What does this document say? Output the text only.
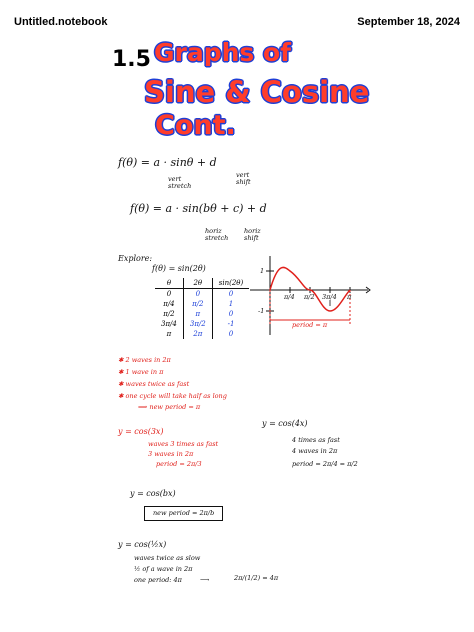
Untitled.notebook	September 18, 2024
1.5 Graphs of
Sine & Cosine
Cont.
f(θ) = a · sinθ + d
vert
stretch
vert
shift
f(θ) = a · sin(bθ + c) + d
horiz
stretch
horiz
shift
Explore:
f(θ) = sin(2θ)
θ	2θ	sin(2θ)
0	0	0
π/4	π/2	1
π/2	π	0
3π/4	3π/2	-1
π	2π	0
1
-1
π/4 π/2 3π/4 π
period = π
✱ 2 waves in 2π
✱ 1 wave in π
✱ waves twice as fast
✱ one cycle will take half as long
⟹ new period = π
y = cos(3x)
waves 3 times as fast
3 waves in 2π
period = 2π/3
y = cos(4x)
4 times as fast
4 waves in 2π
period = 2π/4 = π/2
y = cos(bx)
new period = 2π/b
y = cos(½x)
waves twice as slow
½ of a wave in 2π
one period: 4π	⟶	2π/(1/2) = 4π
